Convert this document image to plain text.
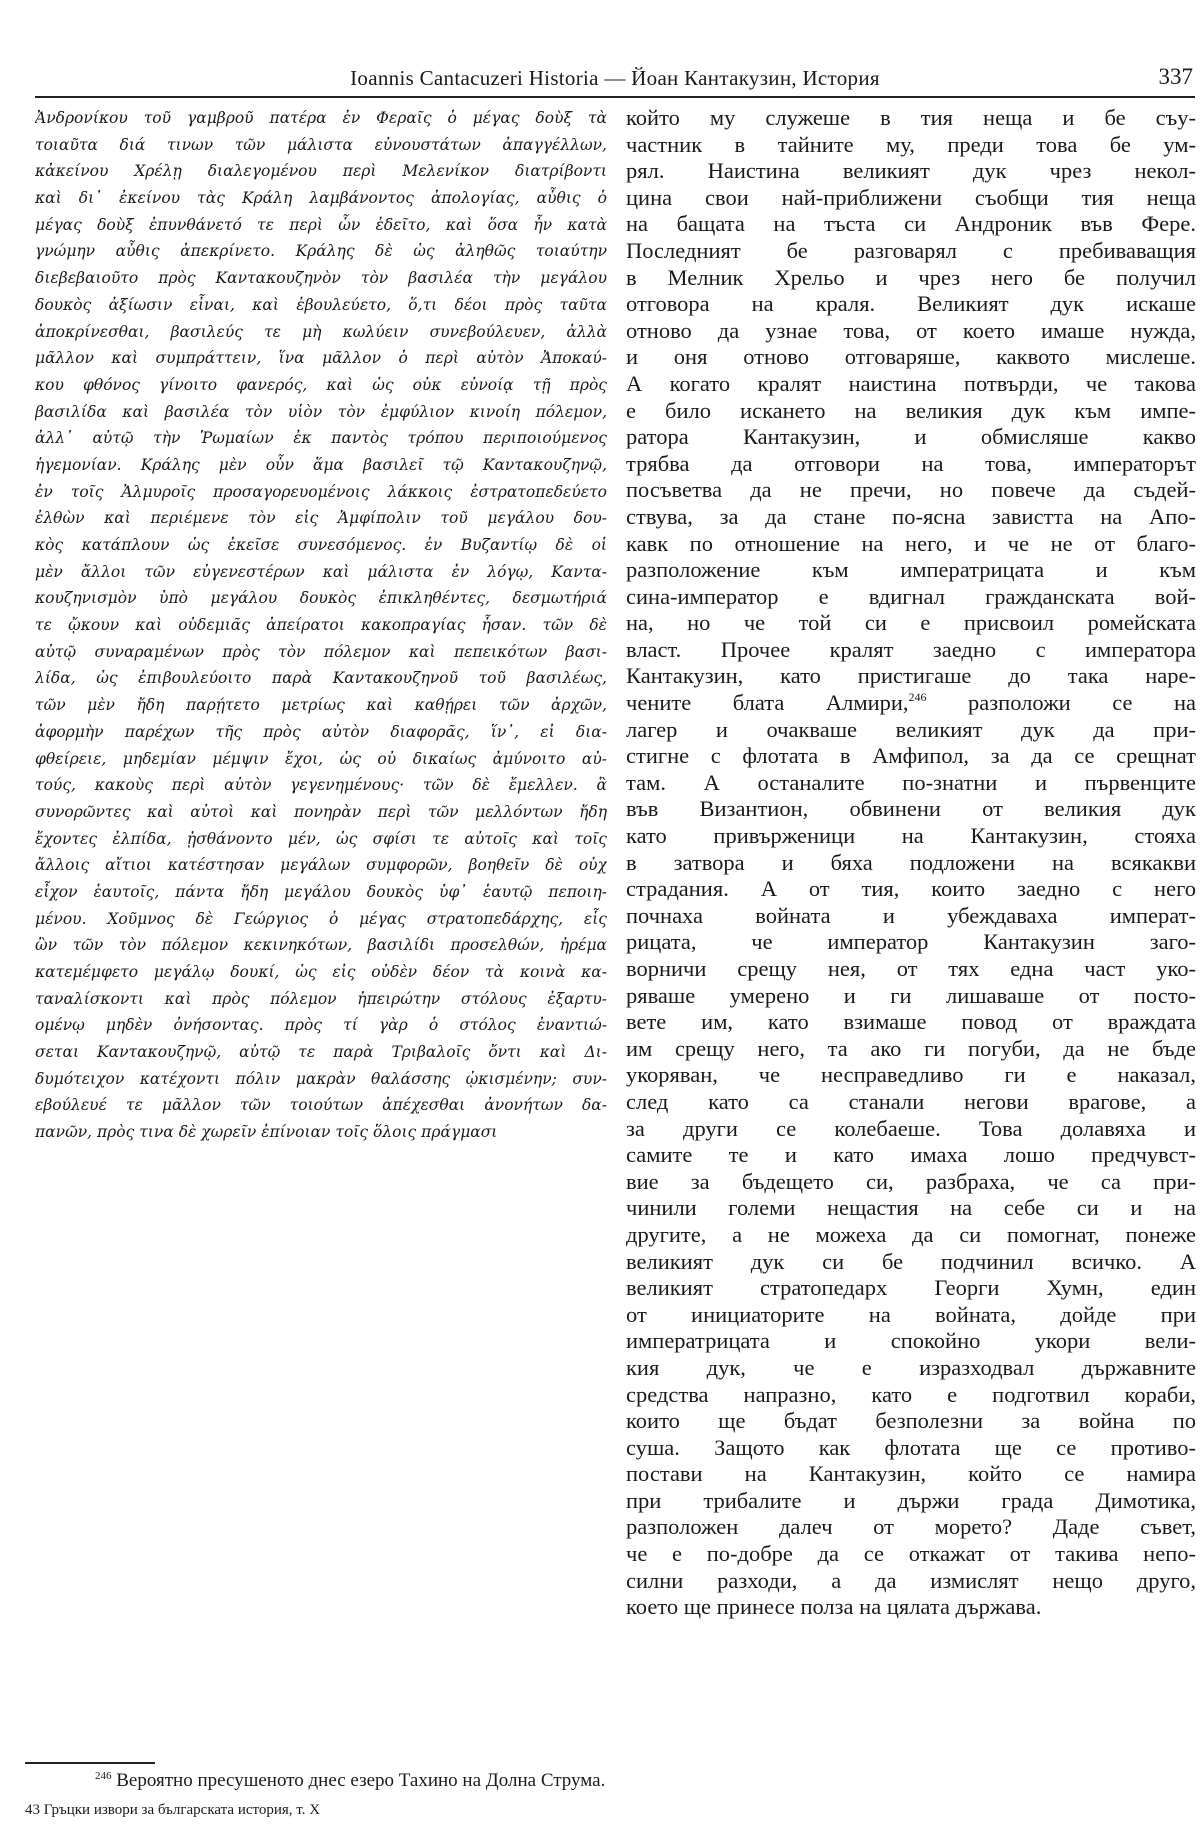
Ioannis Cantacuzeri Historia — Йоан Кантакузин, История	337
Ἀνδρονίκου τοῦ γαμβροῦ πατέρα ἐν Φεραῖς ὁ μέγας δοὺξ τὰ
τοιαῦτα διά τινων τῶν μάλιστα εὐνουστάτων ἀπαγγέλλων,
κἀκείνου Χρέλῃ διαλεγομένου περὶ Μελενίκον διατρίβοντι
καὶ δι᾿ ἐκείνου τὰς Κράλη λαμβάνοντος ἀπολογίας, αὖθις ὁ
μέγας δοὺξ ἐπυνθάνετό τε περὶ ὧν ἐδεῖτο, καὶ ὅσα ἦν κατὰ
γνώμην αὖθις ἀπεκρίνετο. Κράλης δὲ ὡς ἀληθῶς τοιαύτην
διεβεβαιοῦτο πρὸς Καντακουζηνὸν τὸν βασιλέα τὴν μεγάλου
δουκὸς ἀξίωσιν εἶναι, καὶ ἐβουλεύετο, ὅ,τι δέοι πρὸς ταῦτα
ἀποκρίνεσθαι, βασιλεύς τε μὴ κωλύειν συνεβούλευεν, ἀλλὰ
μᾶλλον καὶ συμπράττειν, ἵνα μᾶλλον ὁ περὶ αὐτὸν Ἀποκαύ-
κου φθόνος γίνοιτο φανερός, καὶ ὡς οὐκ εὐνοίᾳ τῇ πρὸς
βασιλίδα καὶ βασιλέα τὸν υἱὸν τὸν ἐμφύλιον κινοίη πόλεμον,
ἀλλ᾿ αὐτῷ τὴν Ῥωμαίων ἐκ παντὸς τρόπου περιποιούμενος
ἡγεμονίαν. Κράλης μὲν οὖν ἅμα βασιλεῖ τῷ Καντακουζηνῷ,
ἐν τοῖς Ἀλμυροῖς προσαγορευομένοις λάκκοις ἐστρατοπεδεύετο
ἐλθὼν καὶ περιέμενε τὸν εἰς Ἀμφίπολιν τοῦ μεγάλου δου-
κὸς κατάπλουν ὡς ἐκεῖσε συνεσόμενος. ἐν Βυζαντίῳ δὲ οἱ
μὲν ἄλλοι τῶν εὐγενεστέρων καὶ μάλιστα ἐν λόγῳ, Καντα-
κουζηνισμὸν ὑπὸ μεγάλου δουκὸς ἐπικληθέντες, δεσμωτήριά
τε ᾤκουν καὶ οὐδεμιᾶς ἀπείρατοι κακοπραγίας ἦσαν. τῶν δὲ
αὐτῷ συναραμένων πρὸς τὸν πόλεμον καὶ πεπεικότων βασι-
λίδα, ὡς ἐπιβουλεύοιτο παρὰ Καντακουζηνοῦ τοῦ βασιλέως,
τῶν μὲν ἤδη παρῄτετο μετρίως καὶ καθῄρει τῶν ἀρχῶν,
ἀφορμὴν παρέχων τῆς πρὸς αὐτὸν διαφορᾶς, ἵν᾿, εἰ δια-
φθείρειε, μηδεμίαν μέμψιν ἔχοι, ὡς οὐ δικαίως ἀμύνοιτο αὐ-
τούς, κακοὺς περὶ αὐτὸν γεγενημένους· τῶν δὲ ἔμελλεν. ἃ
συνορῶντες καὶ αὐτοὶ καὶ πονηρὰν περὶ τῶν μελλόντων ἤδη
ἔχοντες ἐλπίδα, ᾐσθάνοντο μέν, ὡς σφίσι τε αὐτοῖς καὶ τοῖς
ἄλλοις αἴτιοι κατέστησαν μεγάλων συμφορῶν, βοηθεῖν δὲ οὐχ
εἶχον ἑαυτοῖς, πάντα ἤδη μεγάλου δουκὸς ὑφ᾿ ἑαυτῷ πεποιη-
μένου. Χοῦμνος δὲ Γεώργιος ὁ μέγας στρατοπεδάρχης, εἷς
ὢν τῶν τὸν πόλεμον κεκινηκότων, βασιλίδι προσελθών, ἠρέμα
κατεμέμφετο μεγάλῳ δουκί, ὡς εἰς οὐδὲν δέον τὰ κοινὰ κα-
ταναλίσκοντι καὶ πρὸς πόλεμον ἠπειρώτην στόλους ἐξαρτυ-
ομένῳ μηδὲν ὀνήσοντας. πρὸς τί γὰρ ὁ στόλος ἐναντιώ-
σεται Καντακουζηνῷ, αὐτῷ τε παρὰ Τριβαλοῖς ὄντι καὶ Δι-
δυμότειχον κατέχοντι πόλιν μακρὰν θαλάσσης ᾠκισμένην; συν-
εβούλευέ τε μᾶλλον τῶν τοιούτων ἀπέχεσθαι ἀνονήτων δα-
πανῶν, πρὸς τινα δὲ χωρεῖν ἐπίνοιαν τοῖς ὅλοις πράγμασι
който му служеше в тия неща и бе съу-
частник в тайните му, преди това бе ум-
рял. Наистина великият дук чрез некол-
цина свои най-приближени съобщи тия неща
на бащата на тъста си Андроник във Фере.
Последният бе разговарял с пребиваващия
в Мелник Хрельо и чрез него бе получил
отговора на краля. Великият дук искаше
отново да узнае това, от което имаше нужда,
и оня отново отговаряше, каквото мислеше.
А когато кралят наистина потвърди, че такова
е било искането на великия дук към импе-
ратора Кантакузин, и обмисляше какво
трябва да отговори на това, императорът
посъветва да не пречи, но повече да съдей-
ствува, за да стане по-ясна завистта на Апо-
кавк по отношение на него, и че не от благо-
разположение към императрицата и към
сина-император е вдигнал гражданската вой-
на, но че той си е присвоил ромейската
власт. Прочее кралят заедно с императора
Кантакузин, като пристигаше до така наре-
чените блата Алмири,$^{246}$ разположи се на
лагер и очакваше великият дук да при-
стигне с флотата в Амфипол, за да се срещнат
там. А останалите по-знатни и първенците
във Византион, обвинени от великия дук
като привърженици на Кантакузин, стояха
в затвора и бяха подложени на всякакви
страдания. А от тия, които заедно с него
почнаха войната и убеждаваха императ-
рицата, че император Кантакузин заго-
ворничи срещу нея, от тях една част уко-
ряваше умерено и ги лишаваше от посто-
вете им, като взимаше повод от враждата
им срещу него, та ако ги погуби, да не бъде
укоряван, че несправедливо ги е наказал,
след като са станали негови врагове, а
за други се колебаеше. Това долавяха и
самите те и като имаха лошо предчувст-
вие за бъдещето си, разбраха, че са при-
чинили големи нещастия на себе си и на
другите, а не можеха да си помогнат, понеже
великият дук си бе подчинил всичко. А
великият стратопедарх Георги Хумн, един
от инициаторите на войната, дойде при
императрицата и спокойно укори вели-
кия дук, че е изразходвал държавните
средства напразно, като е подготвил кораби,
които ще бъдат безполезни за война по
суша. Защото как флотата ще се противо-
постави на Кантакузин, който се намира
при трибалите и държи града Димотика,
разположен далеч от морето? Даде съвет,
че е по-добре да се откажат от такива непо-
силни разходи, а да измислят нещо друго,
което ще принесе полза на цялата държава.
$^{246}$ Вероятно пресушеното днес езеро Тахино на Долна Струма.
43 Гръцки извори за българската история, т. X
